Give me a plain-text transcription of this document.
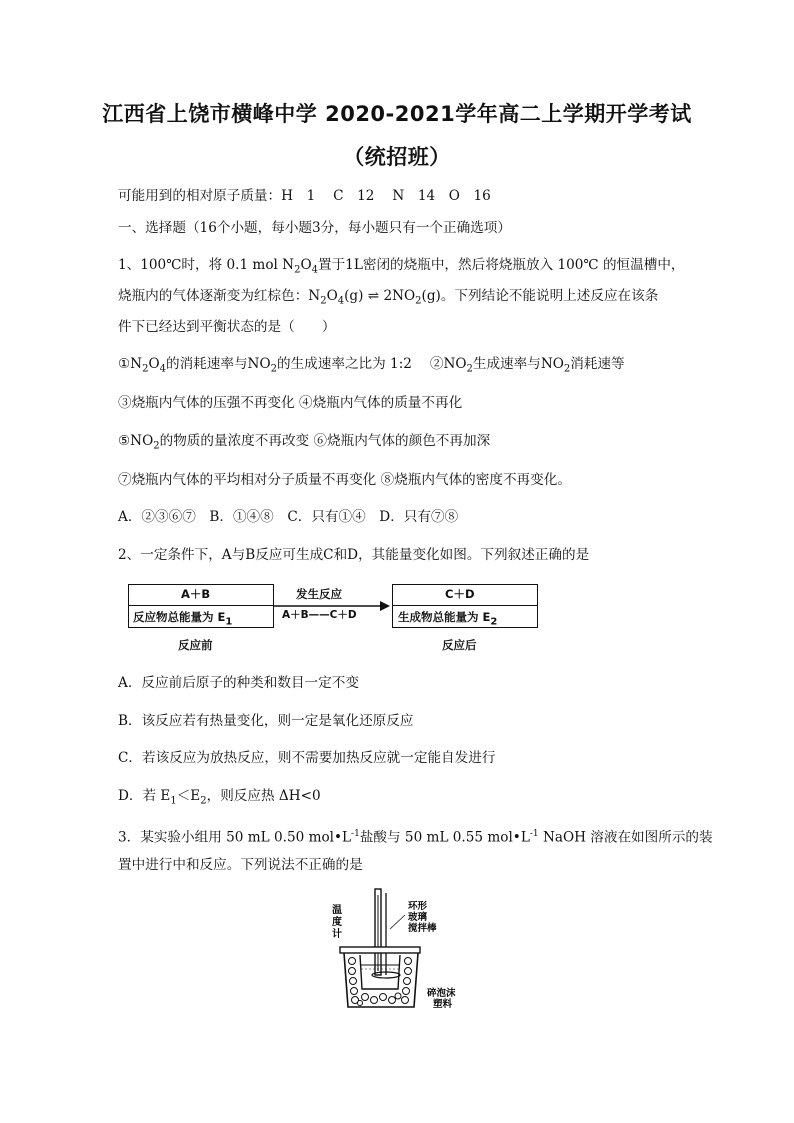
江西省上饶市横峰中学 2020-2021学年高二上学期开学考试
（统招班）
可能用到的相对原子质量：H　1　 C　12　 N　14　O　16
一、选择题（16个小题，每小题3分，每小题只有一个正确选项）
1、100℃时，将 0.1 mol $N_2O_4$置于1L密闭的烧瓶中，然后将烧瓶放入 100℃ 的恒温槽中，
烧瓶内的气体逐渐变为红棕色：$N_2O_4(g)$ ⇌ $2NO_2(g)$。下列结论不能说明上述反应在该条
件下已经达到平衡状态的是（　　）
$①N_2O_4$的消耗速率与$NO_2$的生成速率之比为 1:2　 $②NO_2$生成速率与$NO_2$消耗速等
③烧瓶内气体的压强不再变化 ④烧瓶内气体的质量不再化
$⑤NO_2$的物质的量浓度不再改变 ⑥烧瓶内气体的颜色不再加深
⑦烧瓶内气体的平均相对分子质量不再变化 ⑧烧瓶内气体的密度不再变化。
A．②③⑥⑦　B．①④⑧　C．只有①④　D．只有⑦⑧
2、一定条件下，A与B反应可生成C和D，其能量变化如图。下列叙述正确的是
A＋B
反应物总能量为 E1
发生反应
A＋B——C＋D
C＋D
生成物总能量为 E2
反应前	反应后
A．反应前后原子的种类和数目一定不变
B．该反应若有热量变化，则一定是氧化还原反应
C．若该反应为放热反应，则不需要加热反应就一定能自发进行
D．若 $E_1<E_2$，则反应热 ΔH<0
3．某实验小组用 50 mL 0.50 $mol•L^{-1}$盐酸与 50 mL 0.55 $mol•L^{-1}$ NaOH 溶液在如图所示的装
置中进行中和反应。下列说法不正确的是
温
度
计
环形
玻璃
搅拌棒
碎泡沫
塑料
